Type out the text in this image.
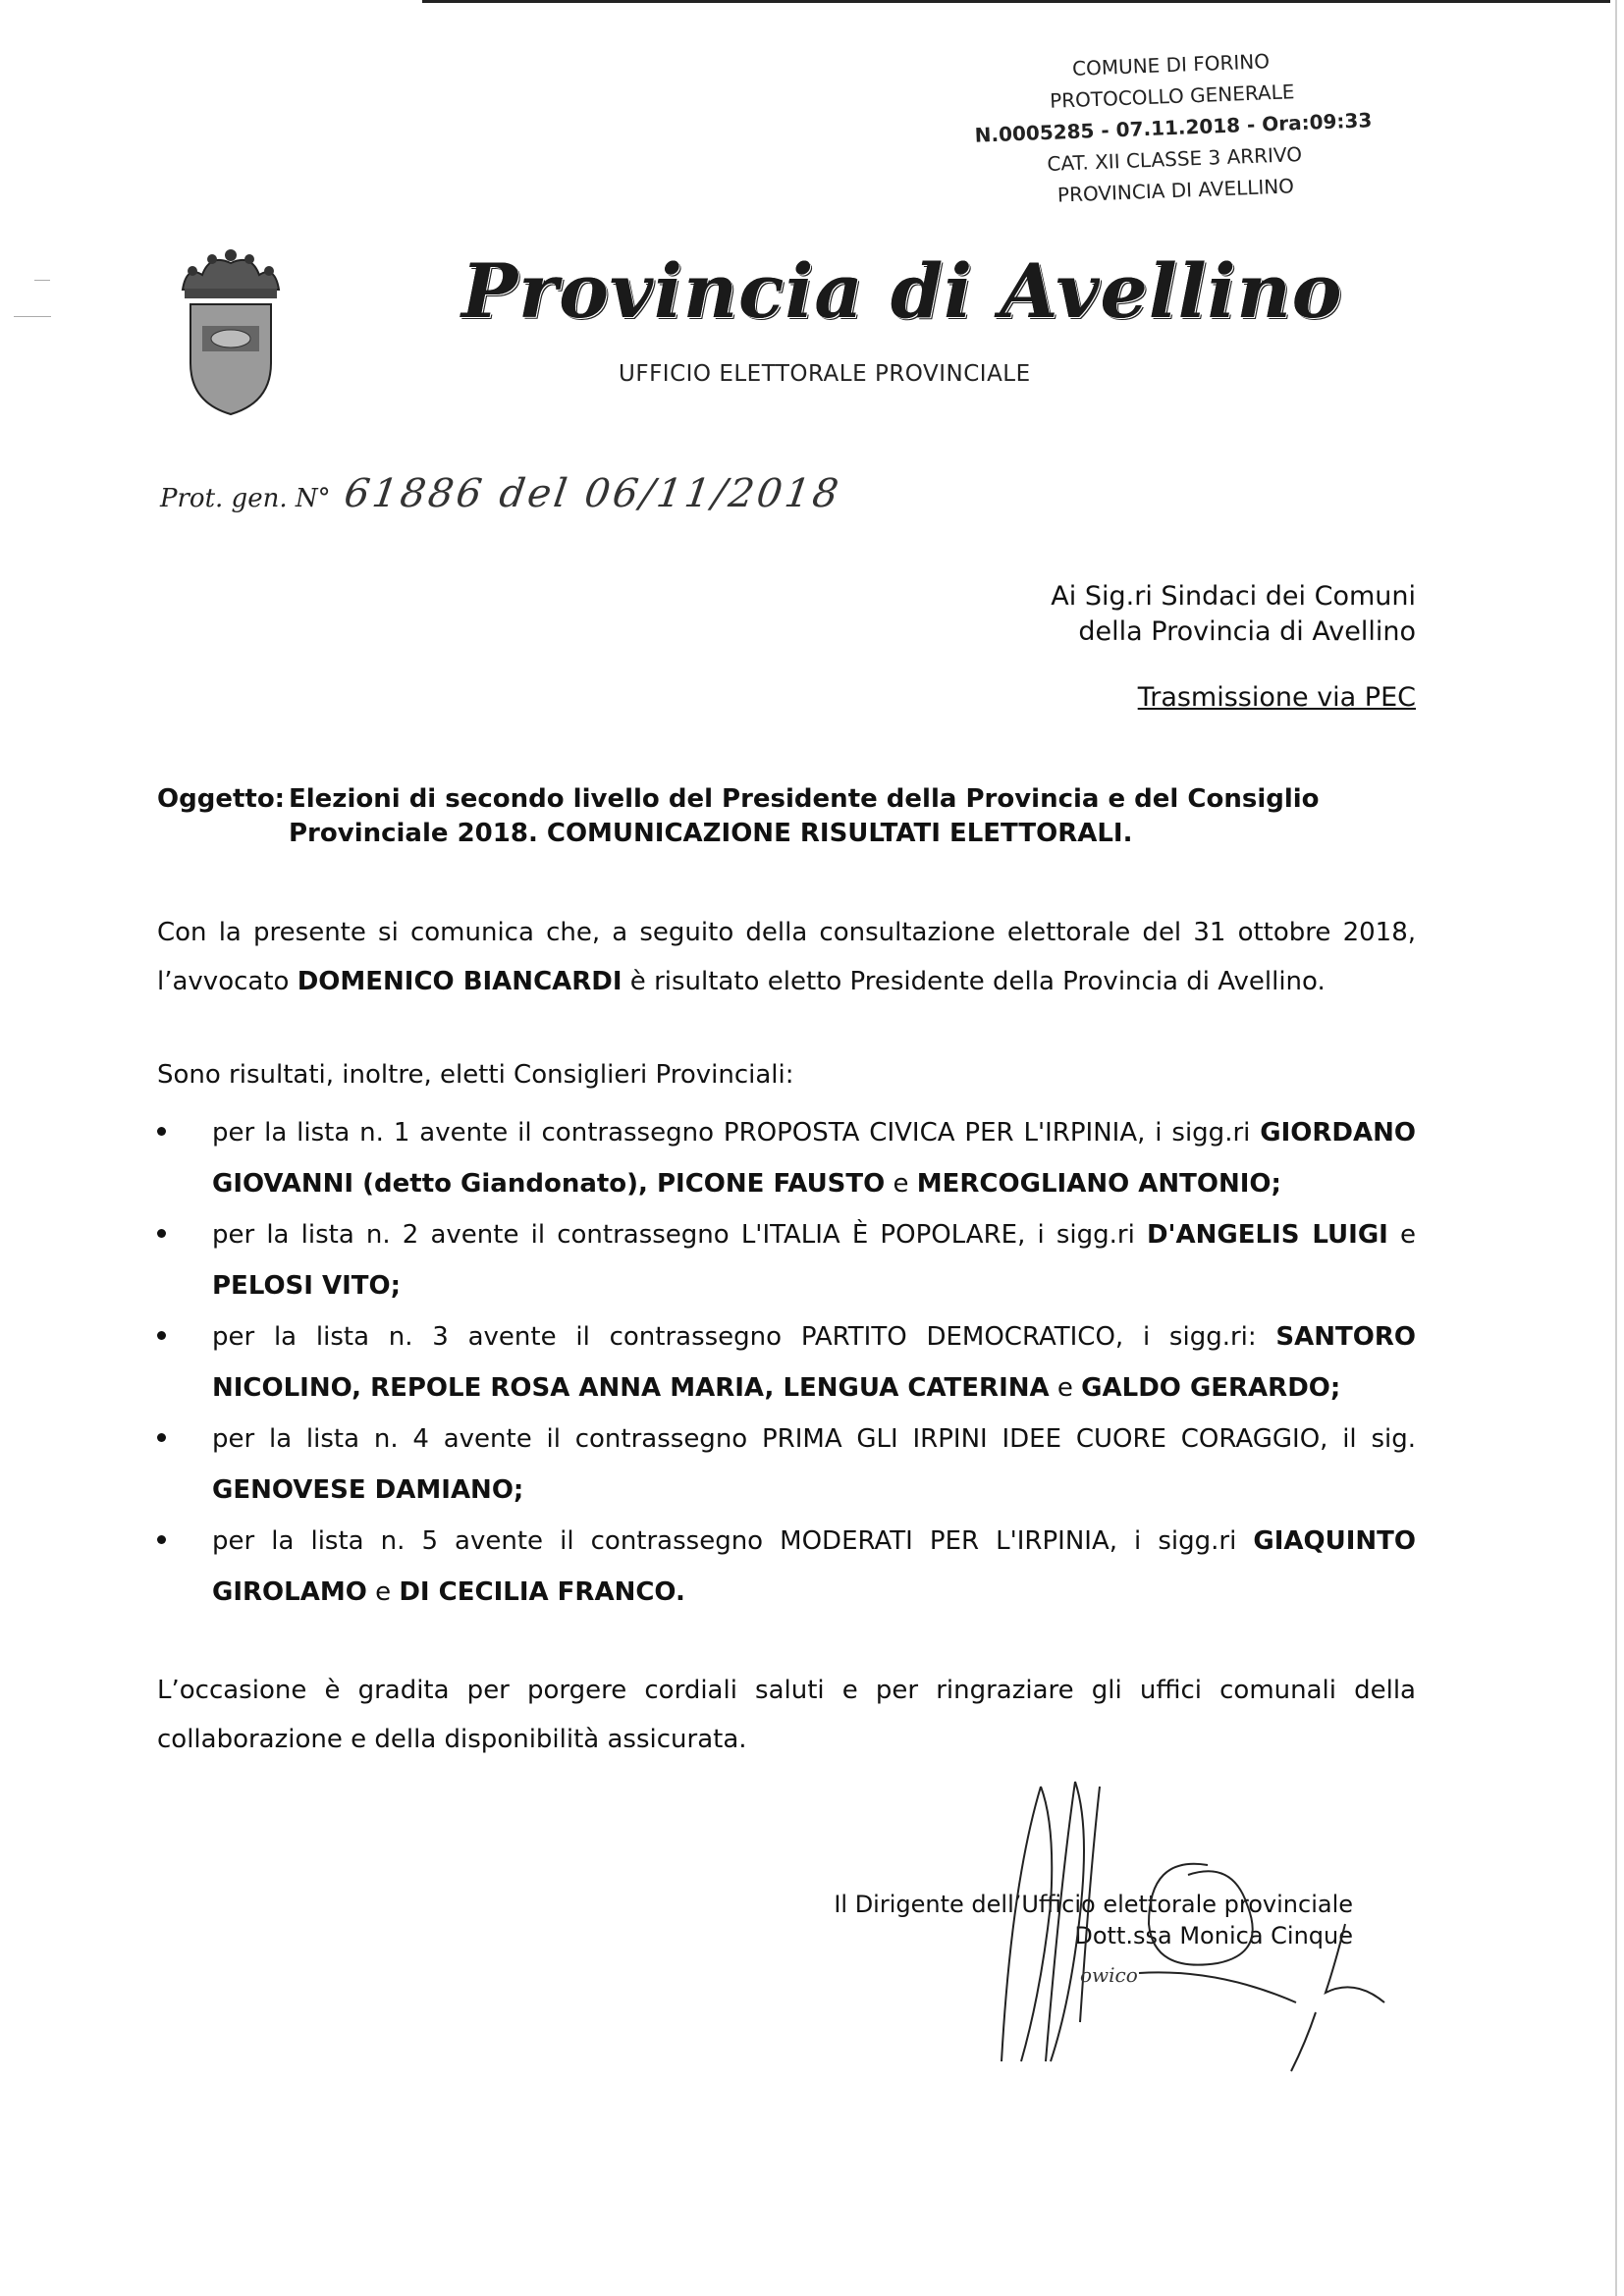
COMUNE DI FORINO
PROTOCOLLO GENERALE
N.0005285 - 07.11.2018 - Ora:09:33
CAT. XII CLASSE 3 ARRIVO
PROVINCIA DI AVELLINO
Provincia di Avellino
UFFICIO ELETTORALE PROVINCIALE
Prot. gen. N° 61886 del 06/11/2018
Ai Sig.ri Sindaci dei Comuni
della Provincia di Avellino
Trasmissione via PEC
Oggetto: Elezioni di secondo livello del Presidente della Provincia e del Consiglio Provinciale 2018. COMUNICAZIONE RISULTATI ELETTORALI.
Con la presente si comunica che, a seguito della consultazione elettorale del 31 ottobre 2018, l’avvocato DOMENICO BIANCARDI è risultato eletto Presidente della Provincia di Avellino.
Sono risultati, inoltre, eletti Consiglieri Provinciali:
per la lista n. 1 avente il contrassegno PROPOSTA CIVICA PER L'IRPINIA, i sigg.ri GIORDANO GIOVANNI (detto Giandonato), PICONE FAUSTO e MERCOGLIANO ANTONIO;
per la lista n. 2 avente il contrassegno L'ITALIA È POPOLARE, i sigg.ri D'ANGELIS LUIGI e PELOSI VITO;
per la lista n. 3 avente il contrassegno PARTITO DEMOCRATICO, i sigg.ri: SANTORO NICOLINO, REPOLE ROSA ANNA MARIA, LENGUA CATERINA e GALDO GERARDO;
per la lista n. 4 avente il contrassegno PRIMA GLI IRPINI IDEE CUORE CORAGGIO, il sig. GENOVESE DAMIANO;
per la lista n. 5 avente il contrassegno MODERATI PER L'IRPINIA, i sigg.ri GIAQUINTO GIROLAMO e DI CECILIA FRANCO.
L’occasione è gradita per porgere cordiali saluti e per ringraziare gli uffici comunali della collaborazione e della disponibilità assicurata.
Il Dirigente dell’Ufficio elettorale provinciale
Dott.ssa Monica Cinque
owico
